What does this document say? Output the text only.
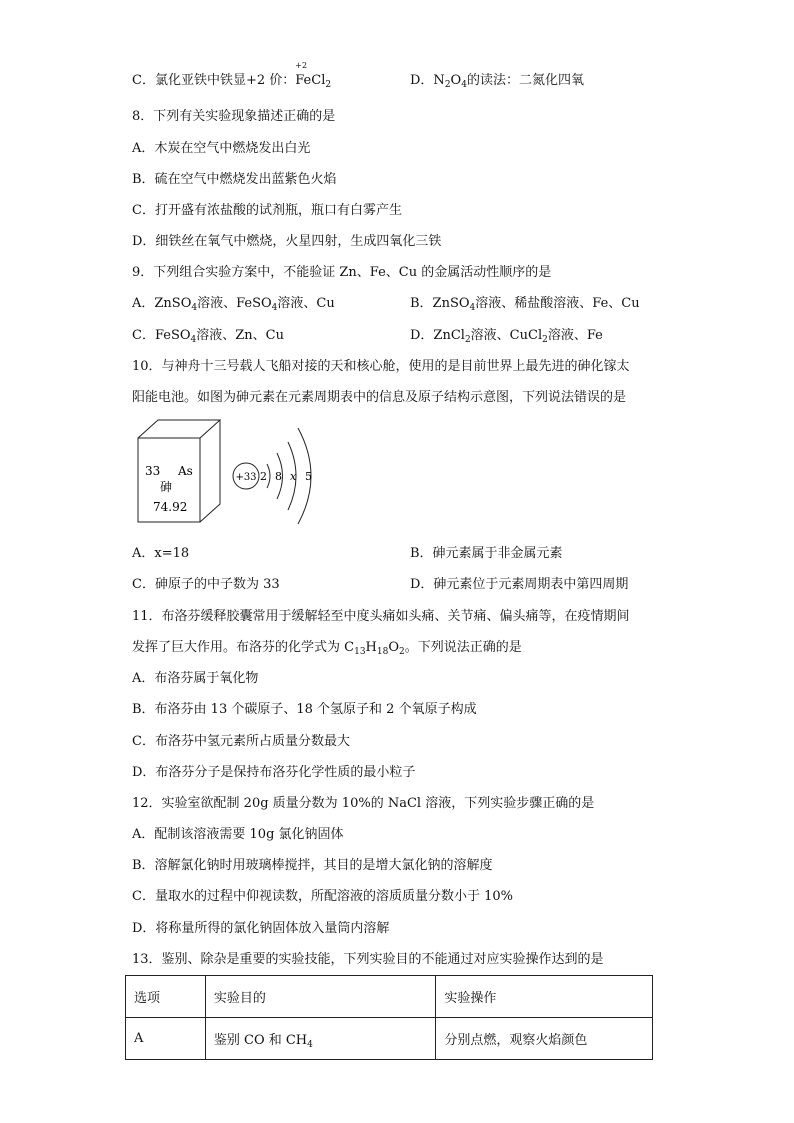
C．氯化亚铁中铁显+2 价：
+2
FeCl$_2$	D．$N_2O_4$的读法：二氮化四氧
8．下列有关实验现象描述正确的是
A．木炭在空气中燃烧发出白光
B．硫在空气中燃烧发出蓝紫色火焰
C．打开盛有浓盐酸的试剂瓶，瓶口有白雾产生
D．细铁丝在氧气中燃烧，火星四射，生成四氧化三铁
9．下列组合实验方案中，不能验证 Zn、Fe、Cu 的金属活动性顺序的是
A．ZnSO$_4$溶液、FeSO$_4$溶液、Cu	B．ZnSO$_4$溶液、稀盐酸溶液、Fe、Cu
C．FeSO$_4$溶液、Zn、Cu	D．ZnCl$_2$溶液、CuCl$_2$溶液、Fe
10．与神舟十三号载人飞船对接的天和核心舱，使用的是目前世界上最先进的砷化镓太
阳能电池。如图为砷元素在元素周期表中的信息及原子结构示意图，下列说法错误的是
33 As
砷
74.92
+33 2 8 x 5
A．x=18	B．砷元素属于非金属元素
C．砷原子的中子数为 33	D．砷元素位于元素周期表中第四周期
11．布洛芬缓释胶囊常用于缓解轻至中度头痛如头痛、关节痛、偏头痛等，在疫情期间
发挥了巨大作用。布洛芬的化学式为 $C_{13}H_{18}O_2$。下列说法正确的是
A．布洛芬属于氧化物
B．布洛芬由 13 个碳原子、18 个氢原子和 2 个氧原子构成
C．布洛芬中氢元素所占质量分数最大
D．布洛芬分子是保持布洛芬化学性质的最小粒子
12．实验室欲配制 20g 质量分数为 10%的 NaCl 溶液，下列实验步骤正确的是
A．配制该溶液需要 10g 氯化钠固体
B．溶解氯化钠时用玻璃棒搅拌，其目的是增大氯化钠的溶解度
C．量取水的过程中仰视读数，所配溶液的溶质质量分数小于 10%
D．将称量所得的氯化钠固体放入量筒内溶解
13．鉴别、除杂是重要的实验技能，下列实验目的不能通过对应实验操作达到的是
选项	实验目的	实验操作
A	鉴别 CO 和 $CH_4$	分别点燃，观察火焰颜色
